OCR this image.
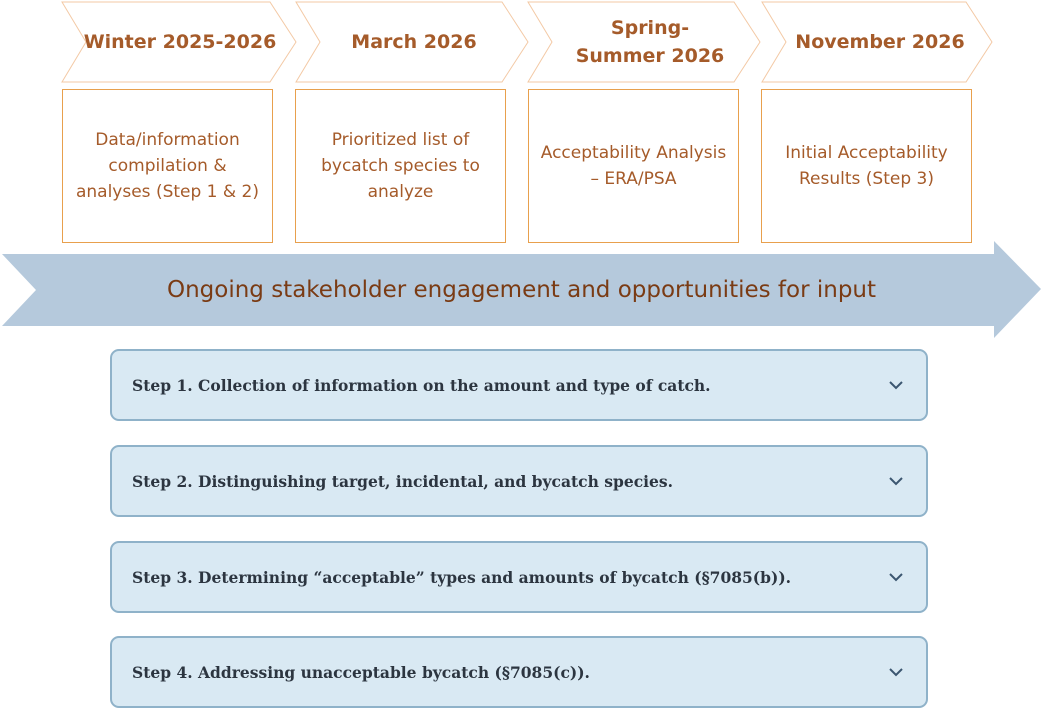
Winter 2025-2026	March 2026
Spring-Summer 2026
November 2026
Data/information compilation & analyses (Step 1 & 2)
Prioritized list of bycatch species to analyze
Acceptability Analysis – ERA/PSA
Initial Acceptability Results (Step 3)
Ongoing stakeholder engagement and opportunities for input
Step 1. Collection of information on the amount and type of catch.
Step 2. Distinguishing target, incidental, and bycatch species.
Step 3. Determining “acceptable” types and amounts of bycatch (§7085(b)).
Step 4. Addressing unacceptable bycatch (§7085(c)).
